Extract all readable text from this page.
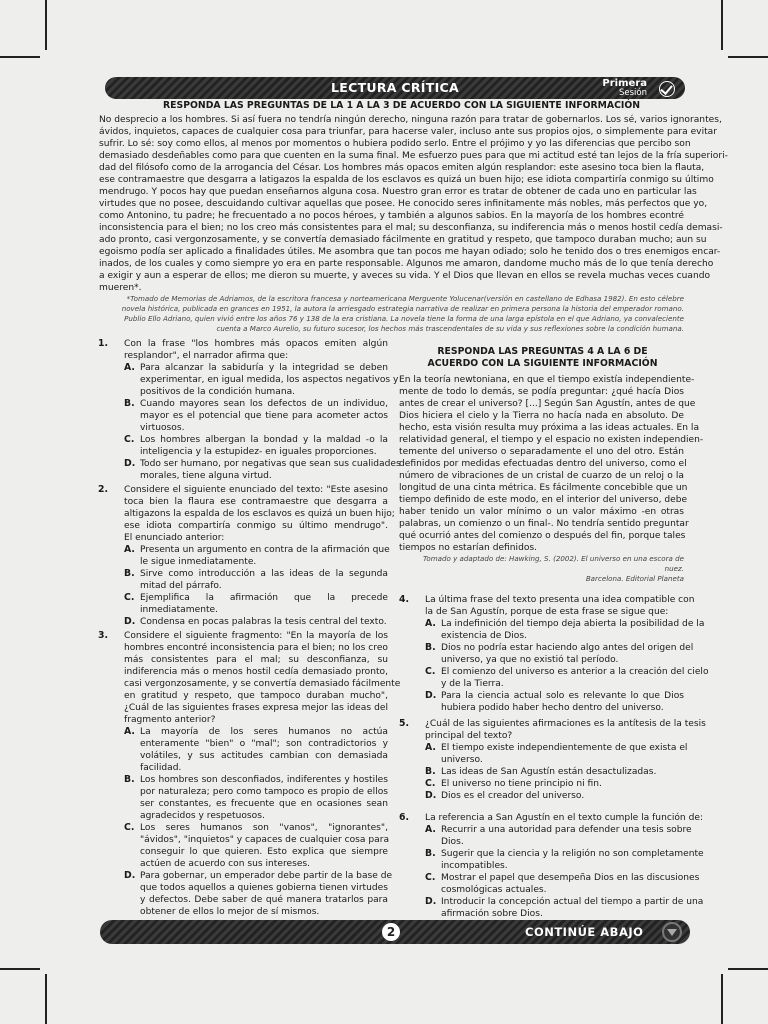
LECTURA CRÍTICA	Primera
Sesión
RESPONDA LAS PREGUNTAS DE LA 1 A LA 3 DE ACUERDO CON LA SIGUIENTE INFORMACIÓN
No desprecio a los hombres. Si así fuera no tendría ningún derecho, ninguna razón para tratar de gobernarlos. Los sé, varios ignorantes,
ávidos, inquietos, capaces de cualquier cosa para triunfar, para hacerse valer, incluso ante sus propios ojos, o simplemente para evitar
sufrir. Lo sé: soy como ellos, al menos por momentos o hubiera podido serlo. Entre el prójimo y yo las diferencias que percibo son
demasiado desdeñables como para que cuenten en la suma final. Me esfuerzo pues para que mi actitud esté tan lejos de la fría superiori-
dad del filósofo como de la arrogancia del César. Los hombres más opacos emiten algún resplandor: este asesino toca bien la flauta,
ese contramaestre que desgarra a latigazos la espalda de los esclavos es quizá un buen hijo; ese idiota compartiría conmigo su último
mendrugo. Y pocos hay que puedan enseñarnos alguna cosa. Nuestro gran error es tratar de obtener de cada uno en particular las
virtudes que no posee, descuidando cultivar aquellas que posee. He conocido seres infinitamente más nobles, más perfectos que yo,
como Antonino, tu padre; he frecuentado a no pocos héroes, y también a algunos sabios. En la mayoría de los hombres econtré
inconsistencia para el bien; no los creo más consistentes para el mal; su desconfianza, su indiferencia más o menos hostil cedía demasi-
ado pronto, casi vergonzosamente, y se convertía demasiado fácilmente en gratitud y respeto, que tampoco duraban mucho; aun su
egoismo podía ser aplicado a finalidades útiles. Me asombra que tan pocos me hayan odiado; solo he tenido dos o tres enemigos encar-
inados, de los cuales y como siempre yo era en parte responsable. Algunos me amaron, dandome mucho más de lo que tenía derecho
a exigir y aun a esperar de ellos; me dieron su muerte, y aveces su vida. Y el Dios que llevan en ellos se revela muchas veces cuando
mueren*.
*Tomado de Memorias de Adriamos, de la escritora francesa y norteamericana Merguente Yolucenar(versión en castellano de Edhasa 1982). En esto célebre
novela histórica, publicada en grances en 1951, la autora la arriesgado estrategia narrativa de realizar en primera persona la historia del emperador romano.
Publio Ello Adriano, quien vivió entre los años 76 y 138 de la era cristiana. La novela tiene la forma de una larga epístola en el que Adriano, ya convaleciente
cuenta a Marco Aurelio, su futuro sucesor, los hechos más trascendentales de su vida y sus reflexiones sobre la condición humana.
1. Con la frase "los hombres más opacos emiten algún
resplandor", el narrador afirma que:
A. Para alcanzar la sabiduría y la integridad se deben
experimentar, en igual medida, los aspectos negativos y
positivos de la condición humana.
B. Cuando mayores sean los defectos de un individuo,
mayor es el potencial que tiene para acometer actos
virtuosos.
C. Los hombres albergan la bondad y la maldad -o la
inteligencia y la estupidez- en iguales proporciones.
D. Todo ser humano, por negativas que sean sus cualidades
morales, tiene alguna virtud.
2. Considere el siguiente enunciado del texto: "Este asesino
toca bien la flaura ese contramaestre que desgarra a
altigazons la espalda de los esclavos es quizá un buen hijo;
ese idiota compartiría conmigo su último mendrugo".
El enunciado anterior:
A. Presenta un argumento en contra de la afirmación que
le sigue inmediatamente.
B. Sirve como introducción a las ideas de la segunda
mitad del párrafo.
C. Ejemplifica la afirmación que la precede
inmediatamente.
D. Condensa en pocas palabras la tesis central del texto.
3. Considere el siguiente fragmento: "En la mayoría de los
hombres encontré inconsistencia para el bien; no los creo
más consistentes para el mal; su desconfianza, su
indiferencia más o menos hostil cedía demasiado pronto,
casi vergonzosamente, y se convertía demasiado fácilmente
en gratitud y respeto, que tampoco duraban mucho",
¿Cuál de las siguientes frases expresa mejor las ideas del
fragmento anterior?
A. La mayoría de los seres humanos no actúa
enteramente "bien" o "mal"; son contradictorios y
volátiles, y sus actitudes cambian con demasiada
facilidad.
B. Los hombres son desconfiados, indiferentes y hostiles
por naturaleza; pero como tampoco es propio de ellos
ser constantes, es frecuente que en ocasiones sean
agradecidos y respetuosos.
C. Los seres humanos son "vanos", "ignorantes",
"ávidos", "inquietos" y capaces de cualquier cosa para
conseguir lo que quieren. Esto explica que siempre
actúen de acuerdo con sus intereses.
D. Para gobernar, un emperador debe partir de la base de
que todos aquellos a quienes gobierna tienen virtudes
y defectos. Debe saber de qué manera tratarlos para
obtener de ellos lo mejor de sí mismos.
RESPONDA LAS PREGUNTAS 4 A LA 6 DE
ACUERDO CON LA SIGUIENTE INFORMACIÓN
En la teoría newtoniana, en que el tiempo existía independiente-
mente de todo lo demás, se podía preguntar: ¿qué hacía Dios
antes de crear el universo? [...] Según San Agustín, antes de que
Dios hiciera el cielo y la Tierra no hacía nada en absoluto. De
hecho, esta visión resulta muy próxima a las ideas actuales. En la
relatividad general, el tiempo y el espacio no existen independien-
temente del universo o separadamente el uno del otro. Están
definidos por medidas efectuadas dentro del universo, como el
número de vibraciones de un cristal de cuarzo de un reloj o la
longitud de una cinta métrica. Es fácilmente concebible que un
tiempo definido de este modo, en el interior del universo, debe
haber tenido un valor mínimo o un valor máximo -en otras
palabras, un comienzo o un final-. No tendría sentido preguntar
qué ocurrió antes del comienzo o después del fin, porque tales
tiempos no estarían definidos.
Tomado y adaptado de: Hawking, S. (2002). El universo en una escora de
nuez.
Barcelona. Editorial Planeta
4. La última frase del texto presenta una idea compatible con
la de San Agustín, porque de esta frase se sigue que:
A. La indefinición del tiempo deja abierta la posibilidad de la
existencia de Dios.
B. Dios no podría estar haciendo algo antes del origen del
universo, ya que no existió tal período.
C. El comienzo del universo es anterior a la creación del cielo
y de la Tierra.
D. Para la ciencia actual solo es relevante lo que Dios
hubiera podido haber hecho dentro del universo.
5. ¿Cuál de las siguientes afirmaciones es la antítesis de la tesis
principal del texto?
A. El tiempo existe independientemente de que exista el
universo.
B. Las ideas de San Agustín están desactulizadas.
C. El universo no tiene principio ni fin.
D. Dios es el creador del universo.
6. La referencia a San Agustín en el texto cumple la función de:
A. Recurrir a una autoridad para defender una tesis sobre
Dios.
B. Sugerir que la ciencia y la religión no son completamente
incompatibles.
C. Mostrar el papel que desempeña Dios en las discusiones
cosmológicas actuales.
D. Introducir la concepción actual del tiempo a partir de una
afirmación sobre Dios.
2	CONTINÚE ABAJO
